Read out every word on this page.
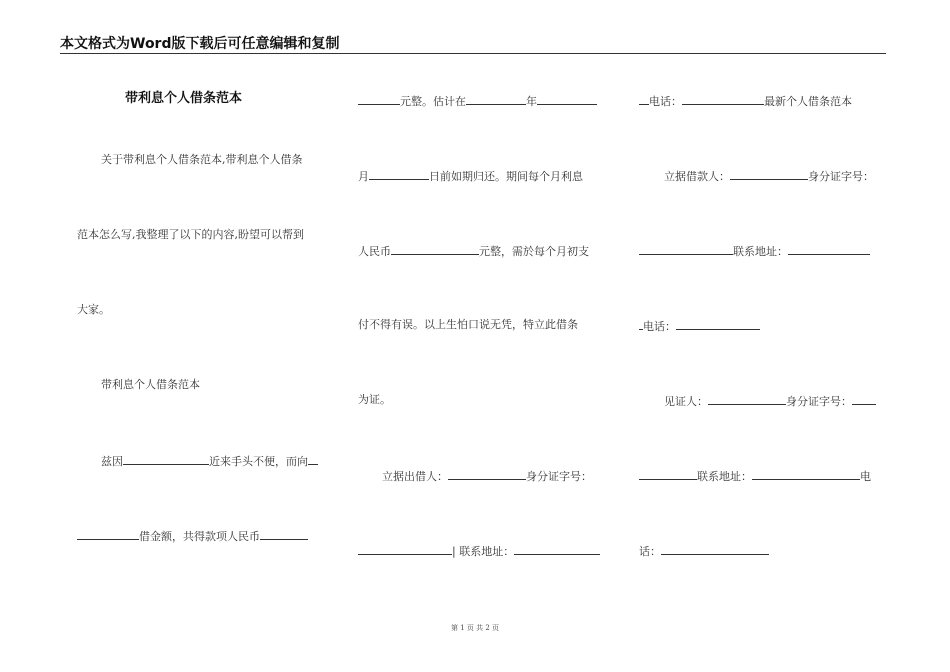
本文格式为Word版下载后可任意编辑和复制
带利息个人借条范本
关于带利息个人借条范本,带利息个人借条
范本怎么写,我整理了以下的内容,盼望可以帮到
大家。
带利息个人借条范本
兹因	近来手头不便，而向
借金额，共得款项人民币
元整。估计在	年
月	日前如期归还。期间每个月利息
人民币	元整，需於每个月初支
付不得有误。以上生怕口说无凭，特立此借条
为证。
立据出借人：	身分证字号：
| 联系地址：
电话：	最新个人借条范本
立据借款人：	身分证字号：
联系地址：
电话：
见证人：	身分证字号：
联系地址：	电
话：
第 1 页 共 2 页
